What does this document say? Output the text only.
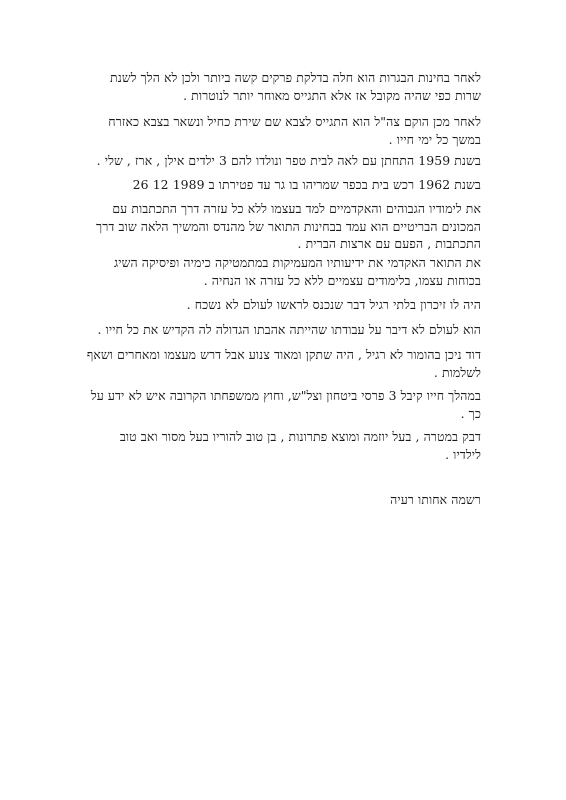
לאחר בחינות הבגרות הוא חלה בדלקת פרקים קשה ביותר ולכן לא הלך לשנת
שרות כפי שהיה מקובל אז אלא התגייס מאוחר יותר לנוטרות .
לאחר מכן הוקם צה"ל הוא התגייס לצבא שם שירת כחיל ונשאר בצבא כאזרח
במשך כל ימי חייו .
בשנת 1959 התחתן עם לאה לבית טפר ונולדו להם 3 ילדים אילן , ארז , שלי .
בשנת 1962 רכש בית בכפר שמריהו בו גר עד פטירתו ב 1989 12 26
את לימודיו הגבוהים והאקדמיים למד בעצמו ללא כל עזרה דרך התכתבות עם
המכונים הבריטיים הוא עמד בבחינות התואר של מהנדס והמשיך הלאה שוב דרך
התכתבות , הפעם עם ארצות הברית .
את התואר האקדמי את ידיעותיו המעמיקות במתמטיקה כימיה ופיסיקה השיג
בכוחות עצמו, בלימודים עצמיים ללא כל עזרה או הנחיה .
היה לו זיכרון בלתי רגיל דבר שנכנס לראשו לעולם לא נשכח .
הוא לעולם לא דיבר על עבודתו שהייתה אהבתו הגדולה לה הקדיש את כל חייו .
דוד ניכן בהומור לא רגיל , היה שתקן ומאוד צנוע אבל דרש מעצמו ומאחרים ושאף
לשלמות .
במהלך חייו קיבל 3 פרסי ביטחון וצל"ש, וחוץ ממשפחתו הקרובה איש לא ידע על
כך .
דבק במטרה , בעל יוזמה ומוצא פתרונות , בן טוב להוריו בעל מסור ואב טוב
לילדיו .
רשמה אחותו רעיה
